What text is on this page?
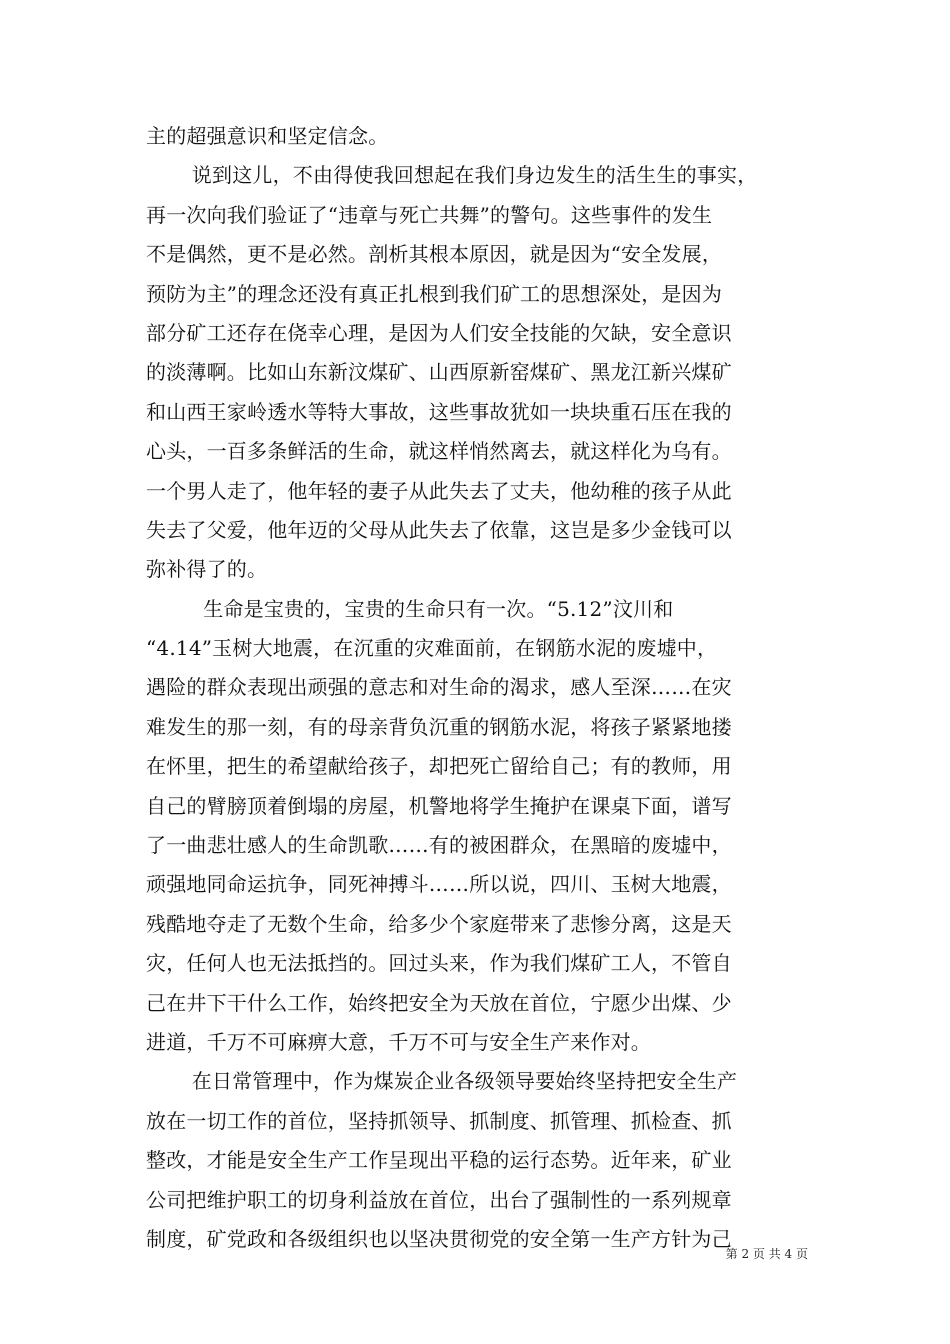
主的超强意识和坚定信念。
说到这儿，不由得使我回想起在我们身边发生的活生生的事实，
再一次向我们验证了“违章与死亡共舞”的警句。这些事件的发生
不是偶然，更不是必然。剖析其根本原因，就是因为“安全发展，
预防为主”的理念还没有真正扎根到我们矿工的思想深处，是因为
部分矿工还存在侥幸心理，是因为人们安全技能的欠缺，安全意识
的淡薄啊。比如山东新汶煤矿、山西原新窑煤矿、黑龙江新兴煤矿
和山西王家岭透水等特大事故，这些事故犹如一块块重石压在我的
心头，一百多条鲜活的生命，就这样悄然离去，就这样化为乌有。
一个男人走了，他年轻的妻子从此失去了丈夫，他幼稚的孩子从此
失去了父爱，他年迈的父母从此失去了依靠，这岂是多少金钱可以
弥补得了的。
生命是宝贵的，宝贵的生命只有一次。“5.12”汶川和
“4.14”玉树大地震，在沉重的灾难面前，在钢筋水泥的废墟中，
遇险的群众表现出顽强的意志和对生命的渴求，感人至深……在灾
难发生的那一刻，有的母亲背负沉重的钢筋水泥，将孩子紧紧地搂
在怀里，把生的希望献给孩子，却把死亡留给自己；有的教师，用
自己的臂膀顶着倒塌的房屋，机警地将学生掩护在课桌下面，谱写
了一曲悲壮感人的生命凯歌……有的被困群众，在黑暗的废墟中，
顽强地同命运抗争，同死神搏斗……所以说，四川、玉树大地震，
残酷地夺走了无数个生命，给多少个家庭带来了悲惨分离，这是天
灾，任何人也无法抵挡的。回过头来，作为我们煤矿工人，不管自
己在井下干什么工作，始终把安全为天放在首位，宁愿少出煤、少
进道，千万不可麻痹大意，千万不可与安全生产来作对。
在日常管理中，作为煤炭企业各级领导要始终坚持把安全生产
放在一切工作的首位，坚持抓领导、抓制度、抓管理、抓检查、抓
整改，才能是安全生产工作呈现出平稳的运行态势。近年来，矿业
公司把维护职工的切身利益放在首位，出台了强制性的一系列规章
制度，矿党政和各级组织也以坚决贯彻党的安全第一生产方针为己
第 2 页 共 4 页
